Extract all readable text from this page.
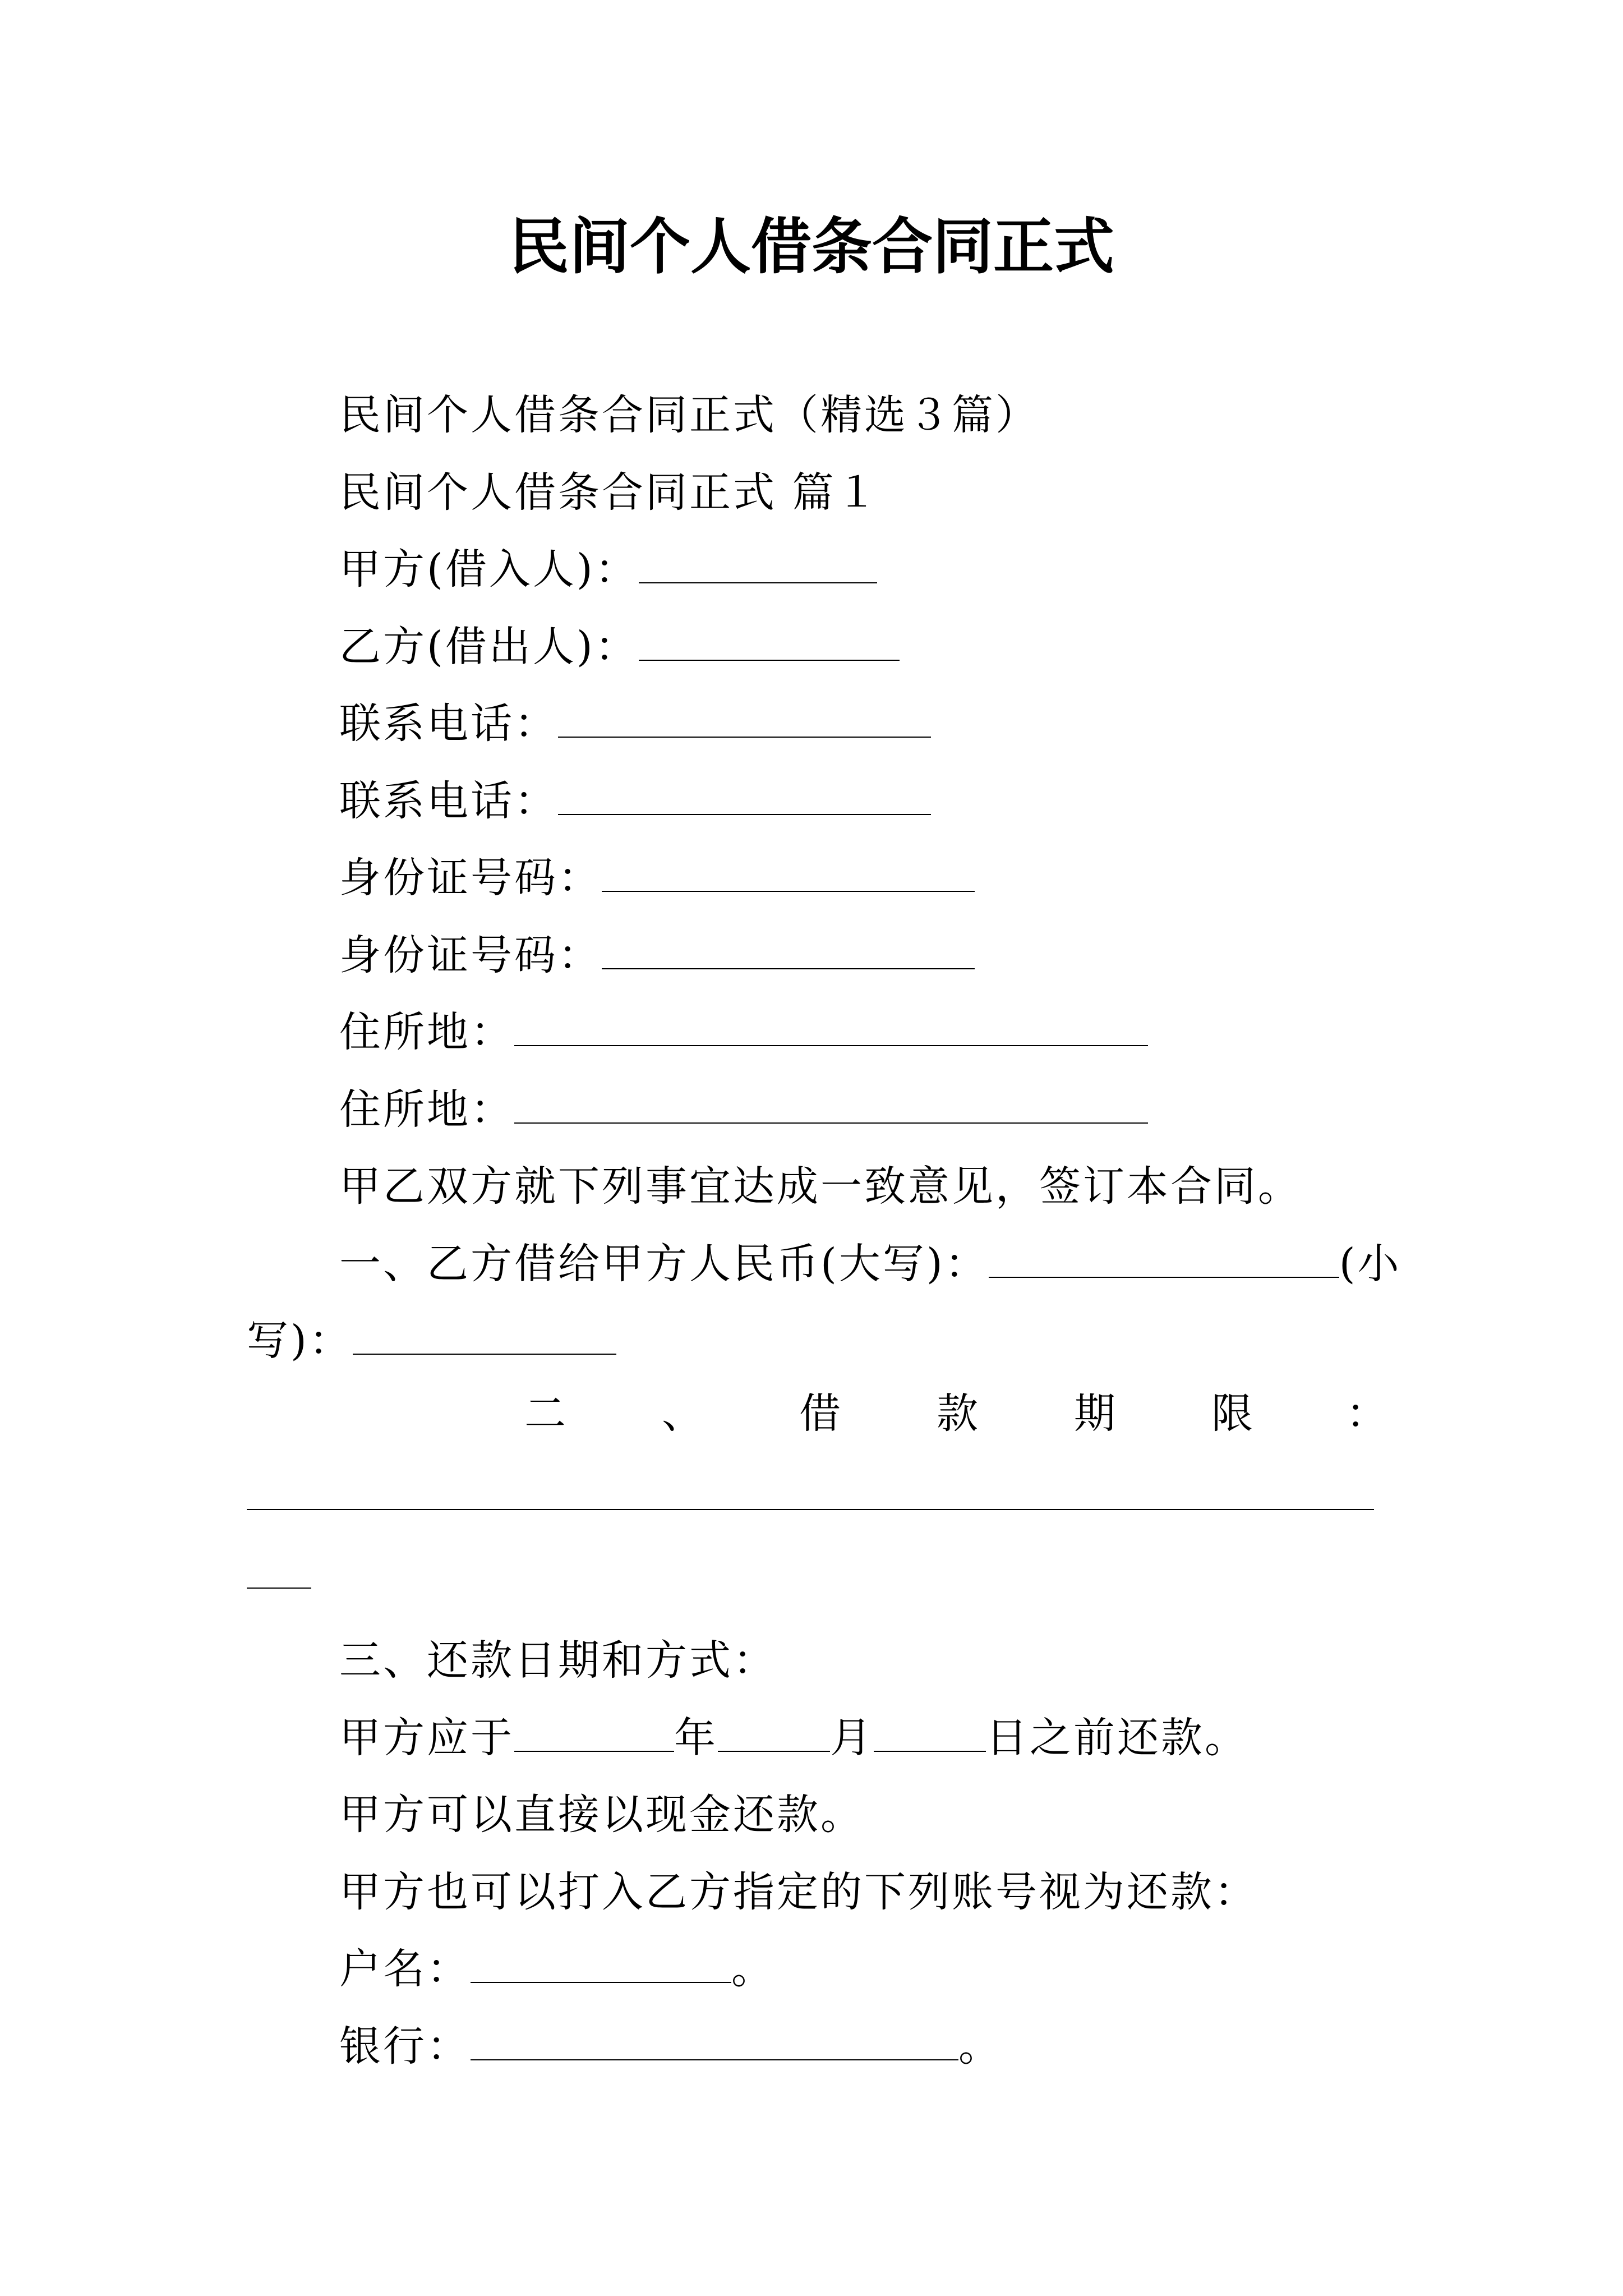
民间个人借条合同正式
民间个人借条合同正式（精选３篇）
民间个人借条合同正式 篇１
甲方(借入人)：
乙方(借出人)：
联系电话：
联系电话：
身份证号码：
身份证号码：
住所地：
住所地：
甲乙双方就下列事宜达成一致意见，签订本合同。
一、乙方借给甲方人民币(大写)：	(小
写)：
二 、 借 款 期 限 ：
三、还款日期和方式：
甲方应于	年	月	日之前还款。
甲方可以直接以现金还款。
甲方也可以打入乙方指定的下列账号视为还款：
户名：	。
银行：	。
